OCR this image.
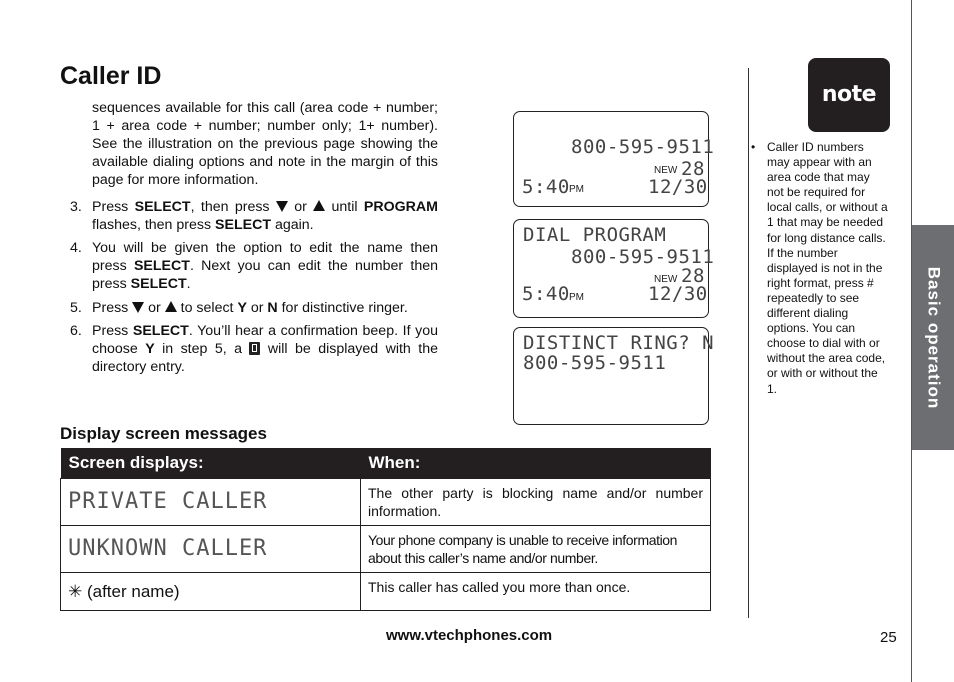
Caller ID
sequences available for this call (area code + number; 1 + area code + number; number only; 1+ number). See the illustration on the previous page showing the available dialing options and note in the margin of this page for more information.
3. Press SELECT, then press  or  until PROGRAM flashes, then press SELECT again.
4. You will be given the option to edit the name then press SELECT. Next you can edit the number then press SELECT.
5. Press  or  to select Y or N for distinctive ringer.
6. Press SELECT. You’ll hear a confirmation beep. If you choose Y in step 5, a  will be displayed with the directory entry.
800-595-9511
NEW 28
5:40 PM	12/30
DIAL PROGRAM
800-595-9511
NEW 28
5:40 PM	12/30
DISTINCT RING? N
800-595-9511
Display screen messages
Screen displays:	When:
PRIVATE CALLER	The other party is blocking name and/or number information.
UNKNOWN CALLER	Your phone company is unable to receive information about this caller’s name and/or number.
✳ (after name)	This caller has called you more than once.
note
• Caller ID numbers may appear with an area code that may not be required for local calls, or without a 1 that may be needed for long distance calls. If the number displayed is not in the right format, press # repeatedly to see different dialing options. You can choose to dial with or without the area code, or with or without the 1.	Basic operation
www.vtechphones.com	25
